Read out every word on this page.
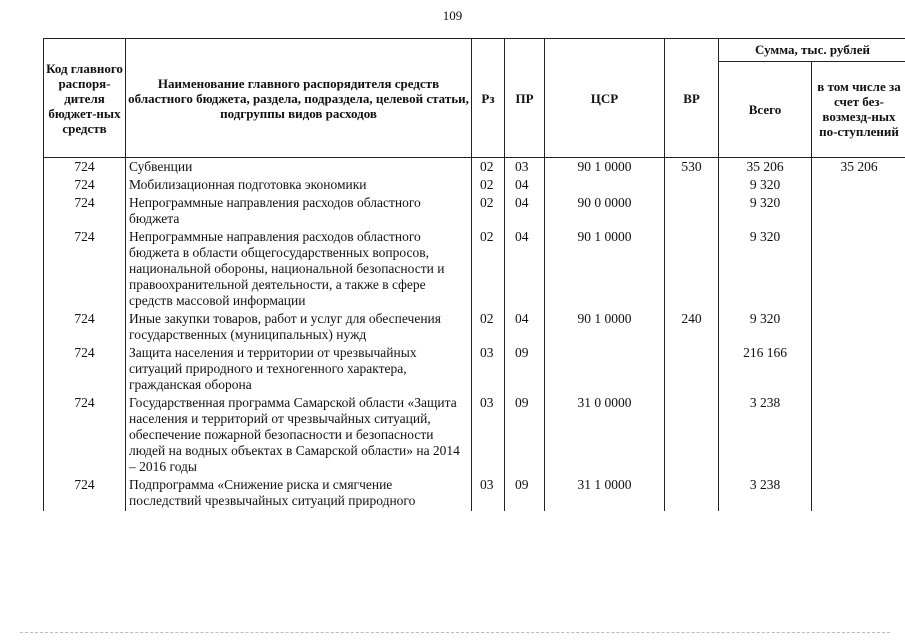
109
Код главного распоря-дителя бюджет-ных средств	Наименование главного распорядителя средств областного бюджета, раздела, подраздела, целевой статьи, подгруппы видов расходов	Рз	ПР	ЦСР	ВР	Сумма, тыс. рублей	
						Всего	в том числе за счет без-возмезд-ных по-ступлений
724	Субвенции	02	03	90 1 0000	530	35 206	35 206
724	Мобилизационная подготовка экономики	02	04			9 320	
724	Непрограммные направления расходов областного бюджета	02	04	90 0 0000		9 320	
724	Непрограммные направления расходов областного бюджета в области общегосударственных вопросов, национальной обороны, национальной безопасности и правоохранительной деятельности, а также в сфере средств массовой информации	02	04	90 1 0000		9 320	
724	Иные закупки товаров, работ и услуг для обеспечения государственных (муниципальных) нужд	02	04	90 1 0000	240	9 320	
724	Защита населения и территории от чрезвычайных ситуаций природного и техногенного характера, гражданская оборона	03	09			216 166	
724	Государственная программа Самарской области «Защита населения и территорий от чрезвычайных ситуаций, обеспечение пожарной безопасности и безопасности людей на водных объектах в Самарской области» на 2014 – 2016 годы	03	09	31 0 0000		3 238	
724	Подпрограмма «Снижение риска и смягчение последствий чрезвычайных ситуаций природного	03	09	31 1 0000		3 238	
